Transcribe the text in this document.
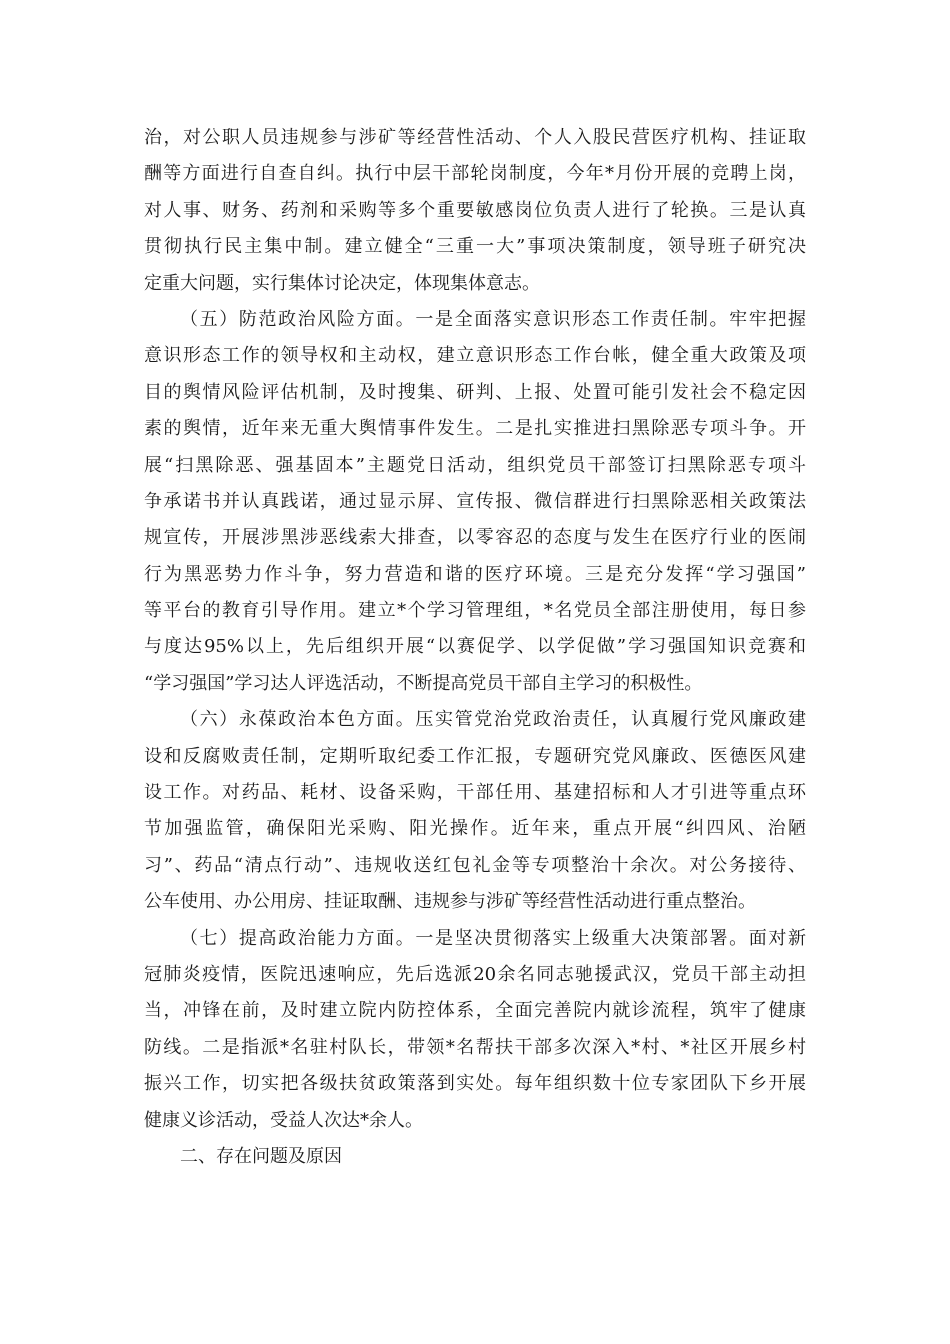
治，对公职人员违规参与涉矿等经营性活动、个人入股民营医疗机构、挂证取
酬等方面进行自查自纠。执行中层干部轮岗制度，今年*月份开展的竞聘上岗，
对人事、财务、药剂和采购等多个重要敏感岗位负责人进行了轮换。三是认真
贯彻执行民主集中制。建立健全“三重一大”事项决策制度，领导班子研究决
定重大问题，实行集体讨论决定，体现集体意志。
（五）防范政治风险方面。一是全面落实意识形态工作责任制。牢牢把握
意识形态工作的领导权和主动权，建立意识形态工作台帐，健全重大政策及项
目的舆情风险评估机制，及时搜集、研判、上报、处置可能引发社会不稳定因
素的舆情，近年来无重大舆情事件发生。二是扎实推进扫黑除恶专项斗争。开
展“扫黑除恶、强基固本”主题党日活动，组织党员干部签订扫黑除恶专项斗
争承诺书并认真践诺，通过显示屏、宣传报、微信群进行扫黑除恶相关政策法
规宣传，开展涉黑涉恶线索大排查，以零容忍的态度与发生在医疗行业的医闹
行为黑恶势力作斗争，努力营造和谐的医疗环境。三是充分发挥“学习强国”
等平台的教育引导作用。建立*个学习管理组，*名党员全部注册使用，每日参
与度达95%以上，先后组织开展“以赛促学、以学促做”学习强国知识竞赛和
“学习强国”学习达人评选活动，不断提高党员干部自主学习的积极性。
（六）永葆政治本色方面。压实管党治党政治责任，认真履行党风廉政建
设和反腐败责任制，定期听取纪委工作汇报，专题研究党风廉政、医德医风建
设工作。对药品、耗材、设备采购，干部任用、基建招标和人才引进等重点环
节加强监管，确保阳光采购、阳光操作。近年来，重点开展“纠四风、治陋
习”、药品“清点行动”、违规收送红包礼金等专项整治十余次。对公务接待、
公车使用、办公用房、挂证取酬、违规参与涉矿等经营性活动进行重点整治。
（七）提高政治能力方面。一是坚决贯彻落实上级重大决策部署。面对新
冠肺炎疫情，医院迅速响应，先后选派20余名同志驰援武汉，党员干部主动担
当，冲锋在前，及时建立院内防控体系，全面完善院内就诊流程，筑牢了健康
防线。二是指派*名驻村队长，带领*名帮扶干部多次深入*村、*社区开展乡村
振兴工作，切实把各级扶贫政策落到实处。每年组织数十位专家团队下乡开展
健康义诊活动，受益人次达*余人。
二、存在问题及原因
